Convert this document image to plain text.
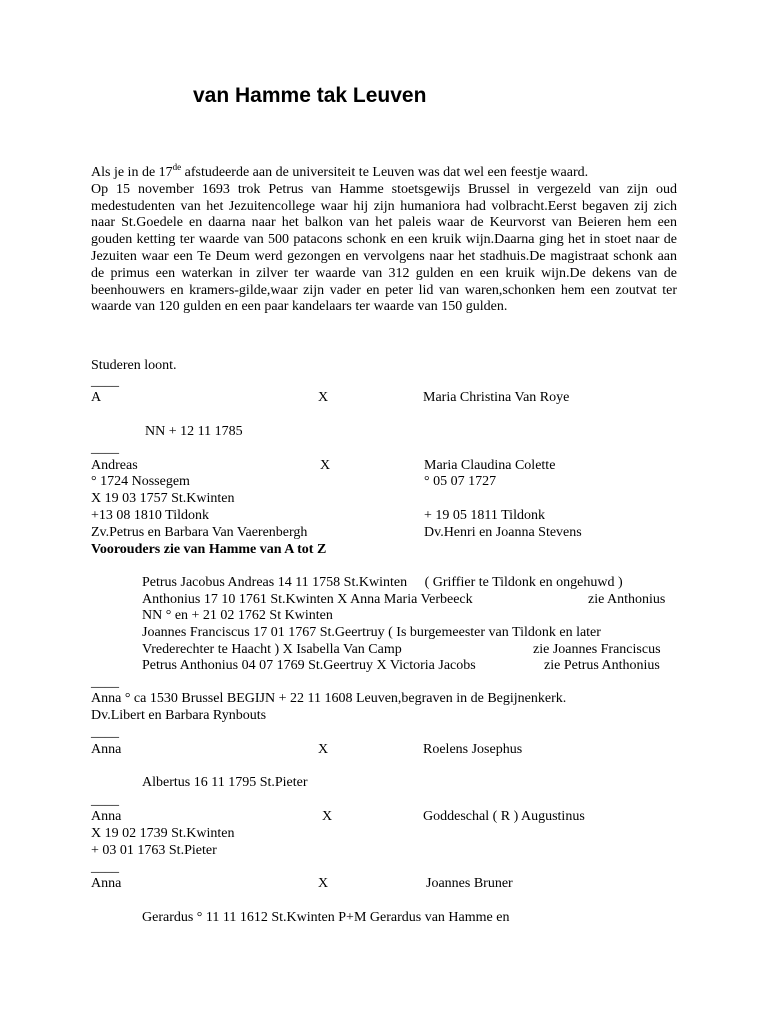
van Hamme tak Leuven

Als je in de 17de afstudeerde aan de universiteit te Leuven was dat wel een feestje waard.

Op 15 november 1693 trok Petrus van Hamme stoetsgewijs Brussel in vergezeld van zijn oud medestudenten van het Jezuitencollege waar hij zijn humaniora had volbracht.Eerst begaven zij zich naar St.Goedele en daarna naar het balkon van het paleis waar de Keurvorst van Beieren hem een gouden ketting ter waarde van 500 patacons schonk en een kruik wijn.Daarna ging het in stoet naar de Jezuiten waar een Te Deum werd gezongen en vervolgens naar het stadhuis.De magistraat schonk aan de primus een waterkan in zilver ter waarde van 312 gulden en een kruik wijn.De dekens van de beenhouwers en kramers-gilde,waar zijn vader en peter lid van waren,schonken hem een zoutvat ter waarde van 120 gulden en een paar kandelaars ter waarde van 150 gulden.

Studeren loont.

____

A	X	Maria Christina Van Roye

NN + 12 11 1785

____

Andreas	X	Maria Claudina Colette

° 1724 Nossegem	° 05 07 1727

X 19 03 1757 St.Kwinten

+13 08 1810 Tildonk	+ 19 05 1811 Tildonk

Zv.Petrus en Barbara Van Vaerenbergh	Dv.Henri en Joanna Stevens

Voorouders zie van Hamme van A tot Z

Petrus Jacobus Andreas 14 11 1758 St.Kwinten     ( Griffier te Tildonk en ongehuwd )

Anthonius 17 10 1761 St.Kwinten X Anna Maria Verbeeck	zie Anthonius

NN ° en + 21 02 1762 St Kwinten

Joannes Franciscus 17 01 1767 St.Geertruy ( Is burgemeester van Tildonk en later

Vrederechter te Haacht ) X Isabella Van Camp	zie Joannes Franciscus

Petrus Anthonius 04 07 1769 St.Geertruy X Victoria Jacobs	zie Petrus Anthonius

____

Anna ° ca 1530 Brussel BEGIJN + 22 11 1608 Leuven,begraven in de Begijnenkerk.

Dv.Libert en Barbara Rynbouts

____

Anna	X	Roelens Josephus

Albertus 16 11 1795 St.Pieter

____

Anna	X	Goddeschal ( R ) Augustinus

X 19 02 1739 St.Kwinten

+ 03 01 1763 St.Pieter

____

Anna	X	Joannes Bruner

Gerardus ° 11 11 1612 St.Kwinten P+M Gerardus van Hamme en
